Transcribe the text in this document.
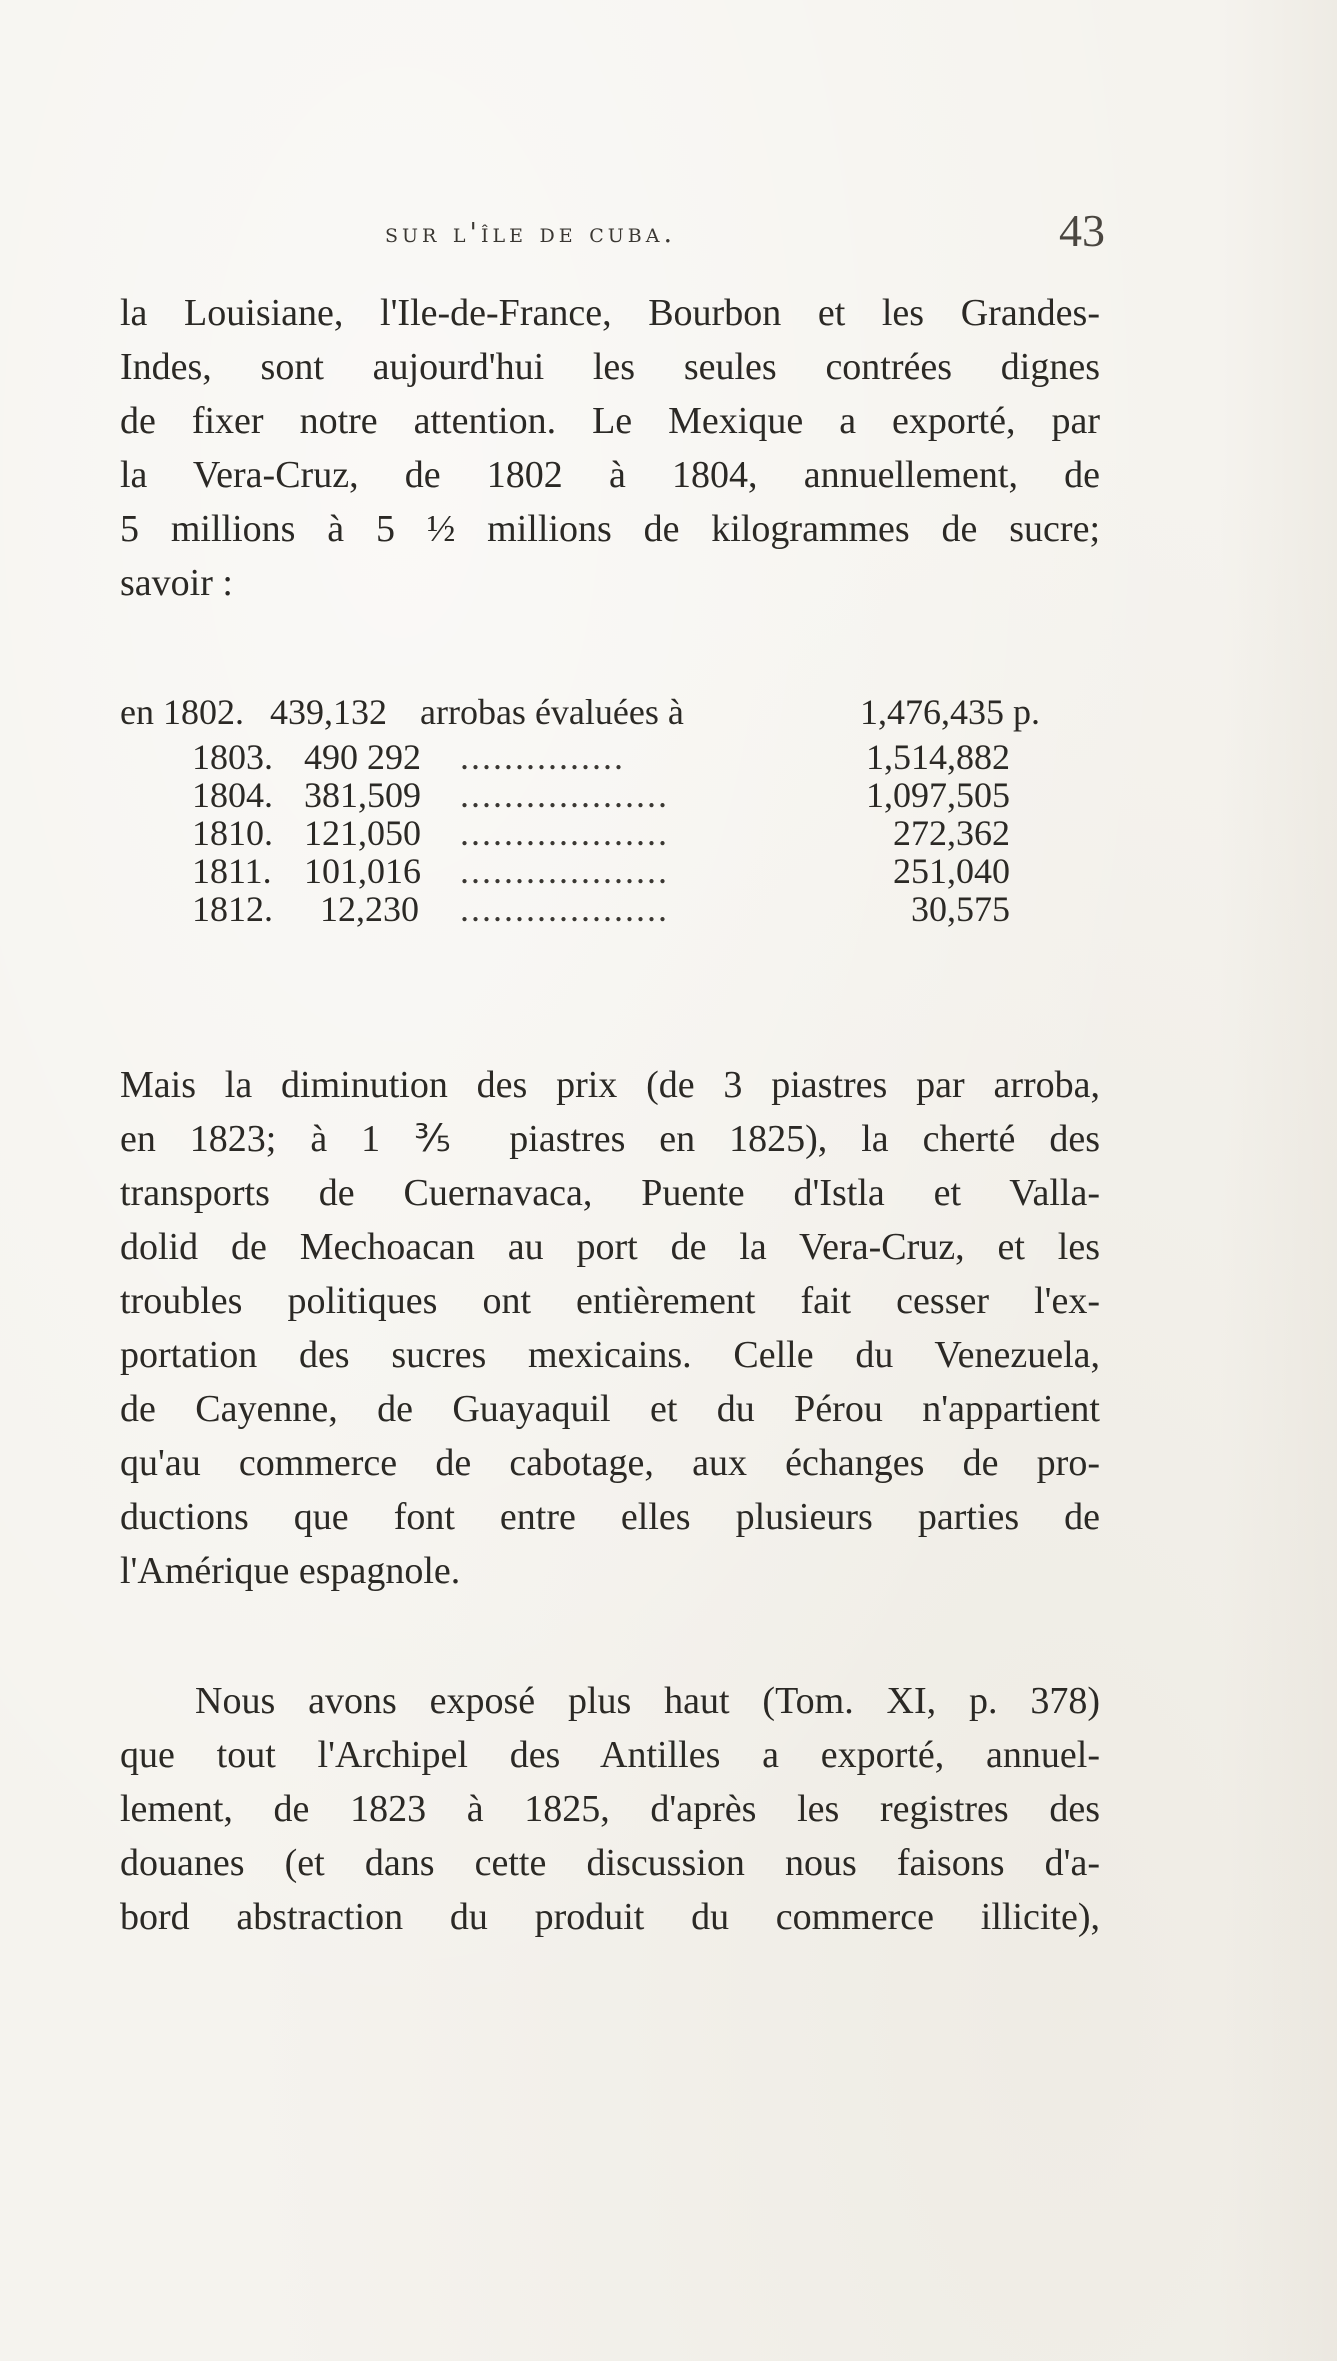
sur l'île de cuba.	43
la Louisiane, l'Ile-de-France, Bourbon et les Grandes-
Indes, sont aujourd'hui les seules contrées dignes
de fixer notre attention. Le Mexique a exporté, par
la Vera-Cruz, de 1802 à 1804, annuellement, de
5 millions à 5 ½ millions de kilogrammes de sucre;
savoir :
en 1802. 439,132 arrobas évaluées à	1,476,435 p.
1803. 490 292 ...............	1,514,882
1804. 381,509 ...................	1,097,505
1810. 121,050 ...................	272,362
1811. 101,016 ...................	251,040
1812. 12,230 ...................	30,575
Mais la diminution des prix (de 3 piastres par arroba,
en 1823; à 1 ⅗ piastres en 1825), la cherté des
transports de Cuernavaca, Puente d'Istla et Valla-
dolid de Mechoacan au port de la Vera-Cruz, et les
troubles politiques ont entièrement fait cesser l'ex-
portation des sucres mexicains. Celle du Venezuela,
de Cayenne, de Guayaquil et du Pérou n'appartient
qu'au commerce de cabotage, aux échanges de pro-
ductions que font entre elles plusieurs parties de
l'Amérique espagnole.
Nous avons exposé plus haut (Tom. XI, p. 378)
que tout l'Archipel des Antilles a exporté, annuel-
lement, de 1823 à 1825, d'après les registres des
douanes (et dans cette discussion nous faisons d'a-
bord abstraction du produit du commerce illicite),
